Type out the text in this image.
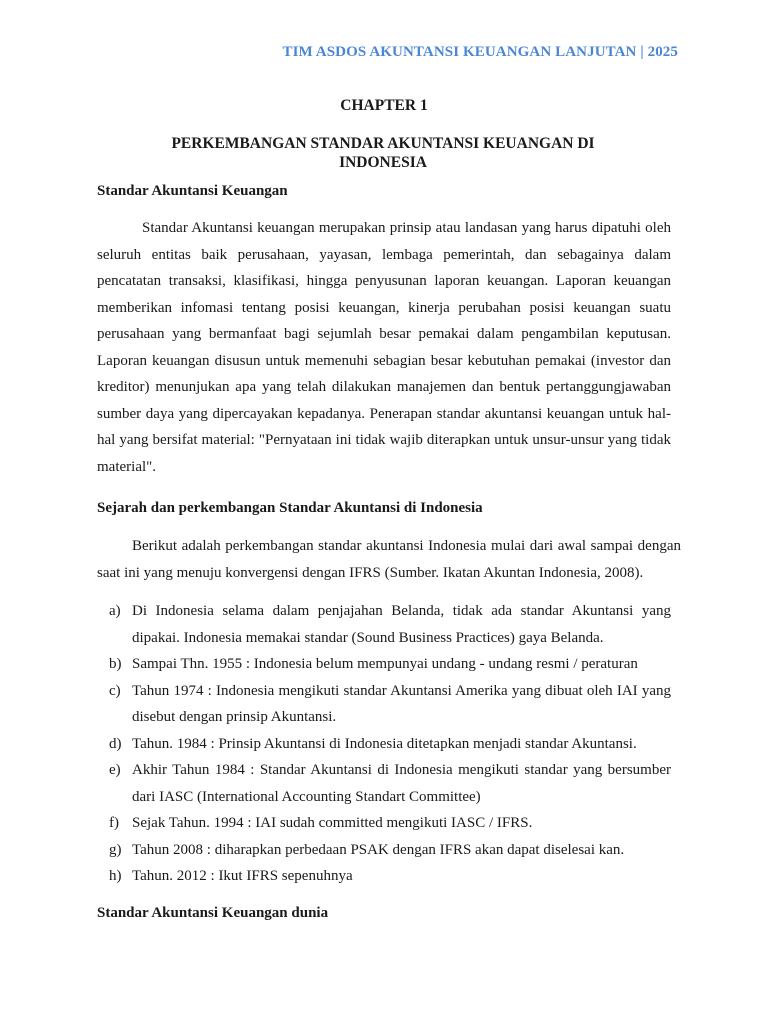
TIM ASDOS AKUNTANSI KEUANGAN LANJUTAN | 2025
CHAPTER 1
PERKEMBANGAN STANDAR AKUNTANSI KEUANGAN DI
INDONESIA
Standar Akuntansi Keuangan
Standar Akuntansi keuangan merupakan prinsip atau landasan yang harus dipatuhi oleh seluruh entitas baik perusahaan, yayasan, lembaga pemerintah, dan sebagainya dalam pencatatan transaksi, klasifikasi, hingga penyusunan laporan keuangan. Laporan keuangan memberikan infomasi tentang posisi keuangan, kinerja perubahan posisi keuangan suatu perusahaan yang bermanfaat bagi sejumlah besar pemakai dalam pengambilan keputusan. Laporan keuangan disusun untuk memenuhi sebagian besar kebutuhan pemakai (investor dan kreditor) menunjukan apa yang telah dilakukan manajemen dan bentuk pertanggungjawaban sumber daya yang dipercayakan kepadanya. Penerapan standar akuntansi keuangan untuk hal-hal yang bersifat material: "Pernyataan ini tidak wajib diterapkan untuk unsur-unsur yang tidak material".
Sejarah dan perkembangan Standar Akuntansi di Indonesia
Berikut adalah perkembangan standar akuntansi Indonesia mulai dari awal sampai dengan saat ini yang menuju konvergensi dengan IFRS (Sumber. Ikatan Akuntan Indonesia, 2008).
a) Di Indonesia selama dalam penjajahan Belanda, tidak ada standar Akuntansi yang dipakai. Indonesia memakai standar (Sound Business Practices) gaya Belanda.
b) Sampai Thn. 1955 : Indonesia belum mempunyai undang - undang resmi / peraturan
c) Tahun 1974 : Indonesia mengikuti standar Akuntansi Amerika yang dibuat oleh IAI yang disebut dengan prinsip Akuntansi.
d) Tahun. 1984 : Prinsip Akuntansi di Indonesia ditetapkan menjadi standar Akuntansi.
e) Akhir Tahun 1984 : Standar Akuntansi di Indonesia mengikuti standar yang bersumber dari IASC (International Accounting Standart Committee)
f) Sejak Tahun. 1994 : IAI sudah committed mengikuti IASC / IFRS.
g) Tahun 2008 : diharapkan perbedaan PSAK dengan IFRS akan dapat diselesai kan.
h) Tahun. 2012 : Ikut IFRS sepenuhnya
Standar Akuntansi Keuangan dunia
